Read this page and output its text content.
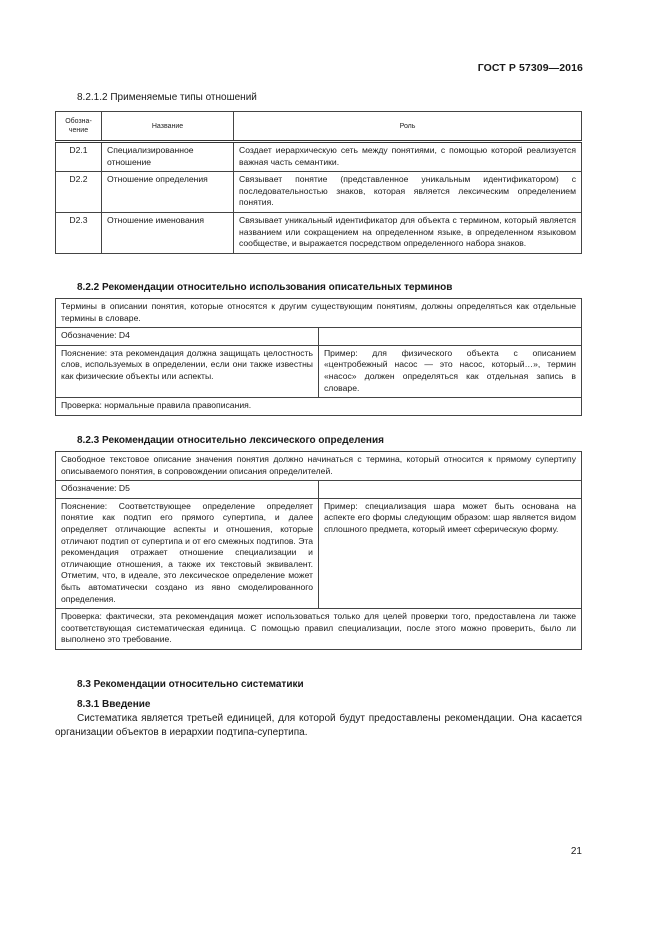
ГОСТ Р 57309—2016
8.2.1.2 Применяемые типы отношений
Обозна-
чение	Название	Роль
D2.1	Специализированное отношение	Создает иерархическую сеть между понятиями, с помощью которой реализуется важная часть семантики.
D2.2	Отношение определения	Связывает понятие (представленное уникальным идентификатором) с последовательностью знаков, которая является лексическим определением понятия.
D2.3	Отношение именования	Связывает уникальный идентификатор для объекта с термином, который является названием или сокращением на определенном языке, в определенном языковом сообществе, и выражается посредством определенного набора знаков.
8.2.2 Рекомендации относительно использования описательных терминов
Термины в описании понятия, которые относятся к другим существующим понятиям, должны определяться как отдельные термины в словаре.	
Обозначение: D4	
Пояснение: эта рекомендация должна защищать целостность слов, используемых в определении, если они также известны как физические объекты или аспекты.	Пример: для физического объекта с описанием «центробежный насос — это насос, который…», термин «насос» должен определяться как отдельная запись в словаре.
Проверка: нормальные правила правописания.	
8.2.3 Рекомендации относительно лексического определения
Свободное текстовое описание значения понятия должно начинаться с термина, который относится к прямому супертипу описываемого понятия, в сопровождении описания определителей.	
Обозначение: D5	
Пояснение: Соответствующее определение определяет понятие как подтип его прямого супертипа, и далее определяет отличающие аспекты и отношения, которые отличают подтип от супертипа и от его смежных подтипов. Эта рекомендация отражает отношение специализации и отличающие отношения, а также их текстовый эквивалент. Отметим, что, в идеале, это лексическое определение может быть автоматически создано из явно смоделированного определения.	Пример: специализация шара может быть основана на аспекте его формы следующим образом: шар является видом сплошного предмета, который имеет сферическую форму.
Проверка: фактически, эта рекомендация может использоваться только для целей проверки того, предоставлена ли также соответствующая систематическая единица. С помощью правил специализации, после этого можно проверить, было ли выполнено это требование.	
8.3 Рекомендации относительно систематики
8.3.1 Введение
Систематика является третьей единицей, для которой будут предоставлены рекомендации. Она касается организации объектов в иерархии подтипа-супертипа.
21
